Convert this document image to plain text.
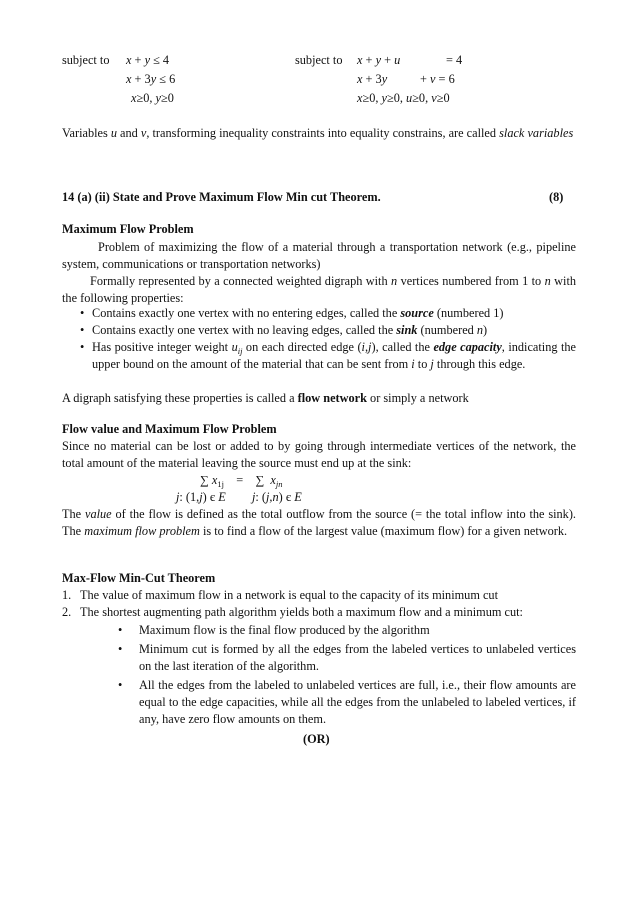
subject to x + y ≤ 4
x + 3y ≤ 6
x≥0, y≥0
subject to x + y + u	= 4
x + 3y	+ v = 6
x≥0, y≥0, u≥0, v≥0
Variables u and v, transforming inequality constraints into equality constrains, are called slack variables
14 (a) (ii) State and Prove Maximum Flow Min cut Theorem.	(8)
Maximum Flow Problem
Problem of maximizing the flow of a material through a transportation network (e.g., pipeline system, communications or transportation networks)
Formally represented by a connected weighted digraph with n vertices numbered from 1 to n with the following properties:
• Contains exactly one vertex with no entering edges, called the source (numbered 1)
• Contains exactly one vertex with no leaving edges, called the sink (numbered n)
• Has positive integer weight $u_{ij}$ on each directed edge (i,j), called the edge capacity, indicating the upper bound on the amount of the material that can be sent from i to j through this edge.
A digraph satisfying these properties is called a flow network or simply a network
Flow value and Maximum Flow Problem
Since no material can be lost or added to by going through intermediate vertices of the network, the total amount of the material leaving the source must end up at the sink:
∑ $x_{1j}$ = ∑ $x_{jn}$
j: (1,j) є E j: (j,n) є E
The value of the flow is defined as the total outflow from the source (= the total inflow into the sink). The maximum flow problem is to find a flow of the largest value (maximum flow) for a given network.
Max-Flow Min-Cut Theorem
1. The value of maximum flow in a network is equal to the capacity of its minimum cut
2. The shortest augmenting path algorithm yields both a maximum flow and a minimum cut:
• Maximum flow is the final flow produced by the algorithm
• Minimum cut is formed by all the edges from the labeled vertices to unlabeled vertices on the last iteration of the algorithm.
• All the edges from the labeled to unlabeled vertices are full, i.e., their flow amounts are equal to the edge capacities, while all the edges from the unlabeled to labeled vertices, if any, have zero flow amounts on them.
(OR)
